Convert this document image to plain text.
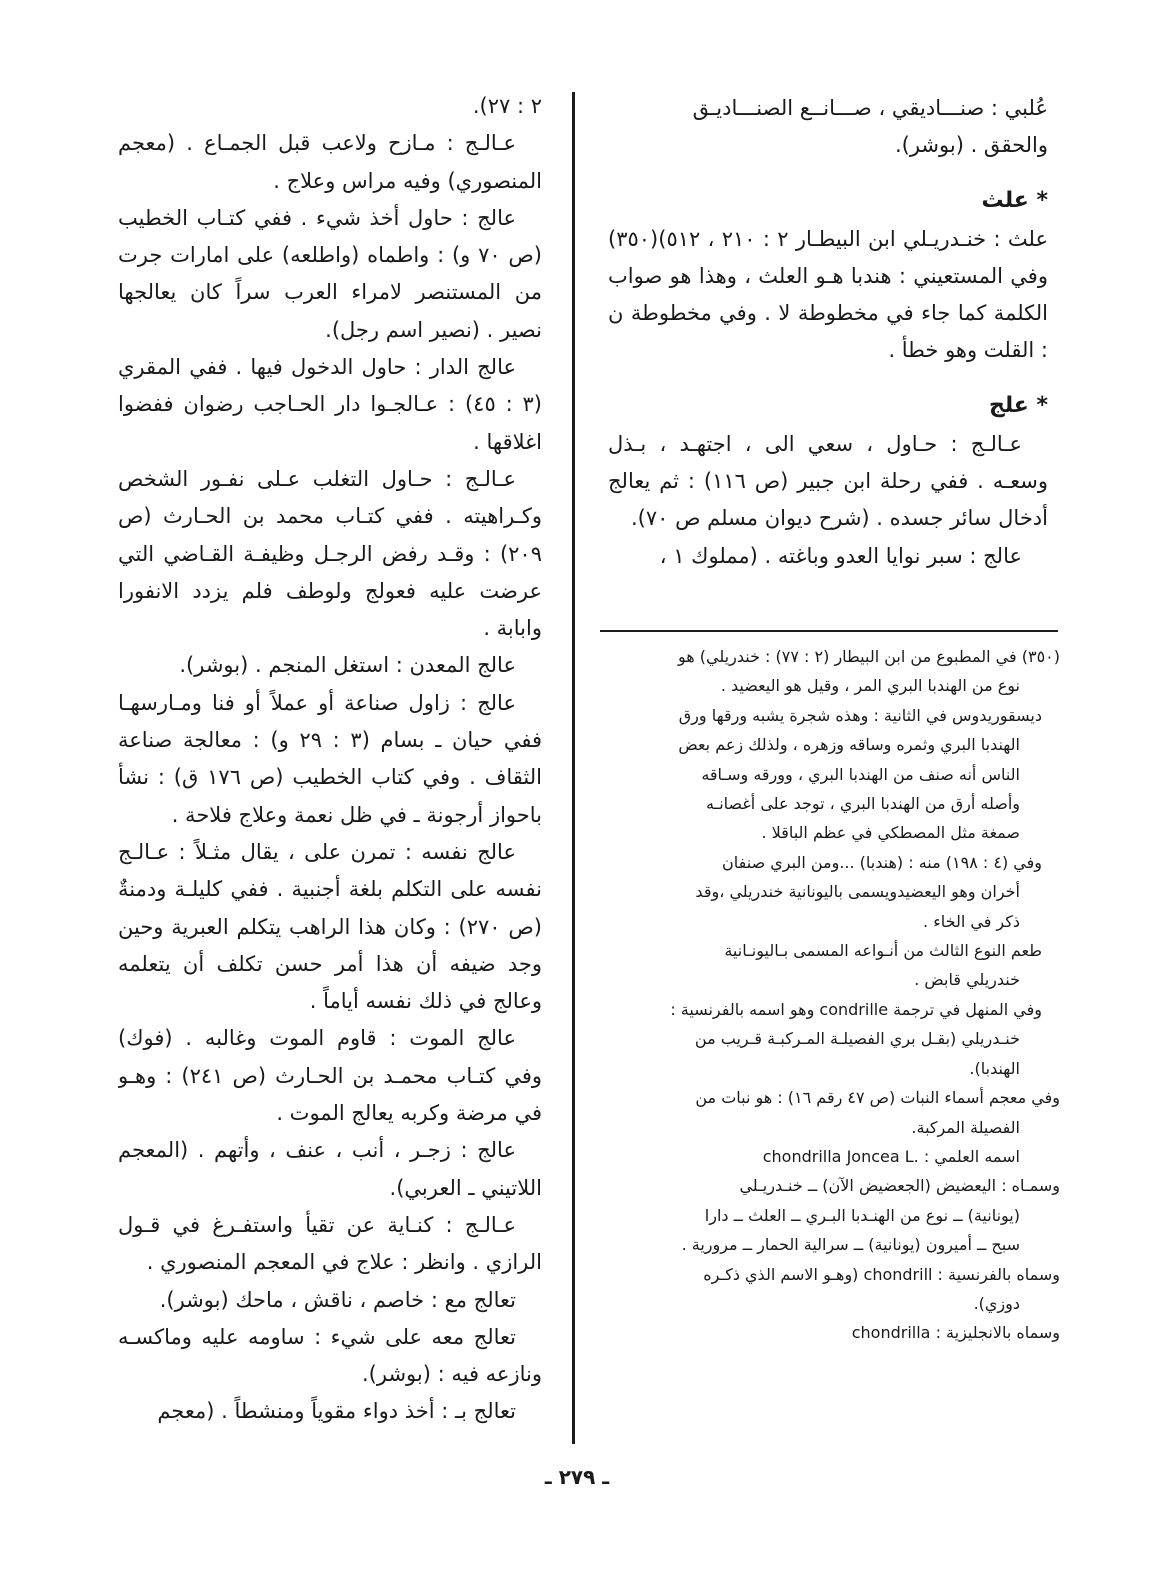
عُلبي : صنـــاديقي ، صـــانــع الصنـــاديـق

والحقق . (بوشر).

* علث

علث : خنـدريـلي ابن البيطـار ٢ : ٢١٠ ، ٥١٢)(٣٥٠) وفي المستعيني : هندبا هـو العلث ، وهذا هو صواب الكلمة كما جاء في مخطوطة لا . وفي مخطوطة ن : القلت وهو خطأ .

* علج

عـالـج : حـاول ، سعي الى ، اجتهـد ، بـذل وسعـه . ففي رحلة ابن جبير (ص ١١٦) : ثم يعالج أدخال سائر جسده . (شرح ديوان مسلم ص ٧٠).

عالج : سبر نوايا العدو وباغته . (مملوك ١ ،

(٣٥٠) في المطبوع من ابن البيطار (٢ : ٧٧) : خندريلي) هو

نوع من الهندبا البري المر ، وقيل هو اليعضيد .

ديسقوريدوس في الثانية : وهذه شجرة يشبه ورقها ورق

الهندبا البري وثمره وساقه وزهره ، ولذلك زعم بعض

الناس أنه صنف من الهندبا البري ، وورقه وسـاقه

وأصله أرق من الهندبا البري ، توجد على أغصانـه

صمغة مثل المصطكي في عظم الباقلا .

وفي (٤ : ١٩٨) منه : (هندبا) ...ومن البري صنفان

أخران وهو اليعضيدويسمى باليونانية خندريلي ،وقد

ذكر في الخاء .

طعم النوع الثالث من أنـواعه المسمى بـاليونـانية

خندريلي قابض .

وفي المنهل في ترجمة condrille وهو اسمه بالفرنسية :

خنـدريلي (بقـل بري الفصيلـة المـركبـة قـريب من

الهندبا).

وفي معجم أسماء النبات (ص ٤٧ رقم ١٦) : هو نبات من

الفصيلة المركبة.

اسمه العلمي : .chondrilla Joncea L

وسمـاه : اليعضيض (الجعضيض الآن) ــ خنـدريـلي

(يونانية) ــ نوع من الهنـدبا البـري ــ العلث ــ دارا

سبح ــ أميرون (يونانية) ــ سرالية الحمار ــ مرورية .

وسماه بالفرنسية : chondrill (وهـو الاسم الذي ذكـره

دوزي).

وسماه بالانجليزية : chondrilla

٢ : ٢٧).

عـالـج : مـازح ولاعب قبل الجمـاع . (معجم المنصوري) وفيه مراس وعلاج .

عالج : حاول أخذ شيء . ففي كتـاب الخطيب (ص ٧٠ و) : واطماه (واطلعه) على امارات جرت من المستنصر لامراء العرب سراً كان يعالجها نصير . (نصير اسم رجل).

عالج الدار : حاول الدخول فيها . ففي المقري (٣ : ٤٥) : عـالجـوا دار الحـاجب رضوان ففضوا اغلاقها .

عـالـج : حـاول التغلب عـلى نفـور الشخص وكـراهيته . ففي كتـاب محمد بن الحـارث (ص ٢٠٩) : وقـد رفض الرجـل وظيفـة القـاضي التي عرضت عليه فعولج ولوطف فلم يزدد الانفورا وابابة .

عالج المعدن : استغل المنجم . (بوشر).

عالج : زاول صناعة أو عملاً أو فنا ومـارسهـا ففي حيان ـ بسام (٣ : ٢٩ و) : معالجة صناعة الثقاف . وفي كتاب الخطيب (ص ١٧٦ ق) : نشأ باحواز أرجونة ـ في ظل نعمة وعلاج فلاحة .

عالج نفسه : تمرن على ، يقال مثـلاً : عـالـج نفسه على التكلم بلغة أجنبية . ففي كليلـة ودمنةٌ (ص ٢٧٠) : وكان هذا الراهب يتكلم العبرية وحين وجد ضيفه أن هذا أمر حسن تكلف أن يتعلمه وعالج في ذلك نفسه أياماً .

عالج الموت : قاوم الموت وغالبه . (فوك) وفي كتـاب محمـد بن الحـارث (ص ٢٤١) : وهـو في مرضة وكربه يعالج الموت .

عالج : زجـر ، أنب ، عنف ، وأتهم . (المعجم اللاتيني ـ العربي).

عـالـج : كنـاية عن تقيأ واستفـرغ في قـول الرازي . وانظر : علاج في المعجم المنصوري .

تعالج مع : خاصم ، ناقش ، ماحك (بوشر).

تعالج معه على شيء : ساومه عليه وماكسـه ونازعه فيه : (بوشر).

تعالج بـ : أخذ دواء مقوياً ومنشطاً . (معجم

ـ ٢٧٩ ـ
